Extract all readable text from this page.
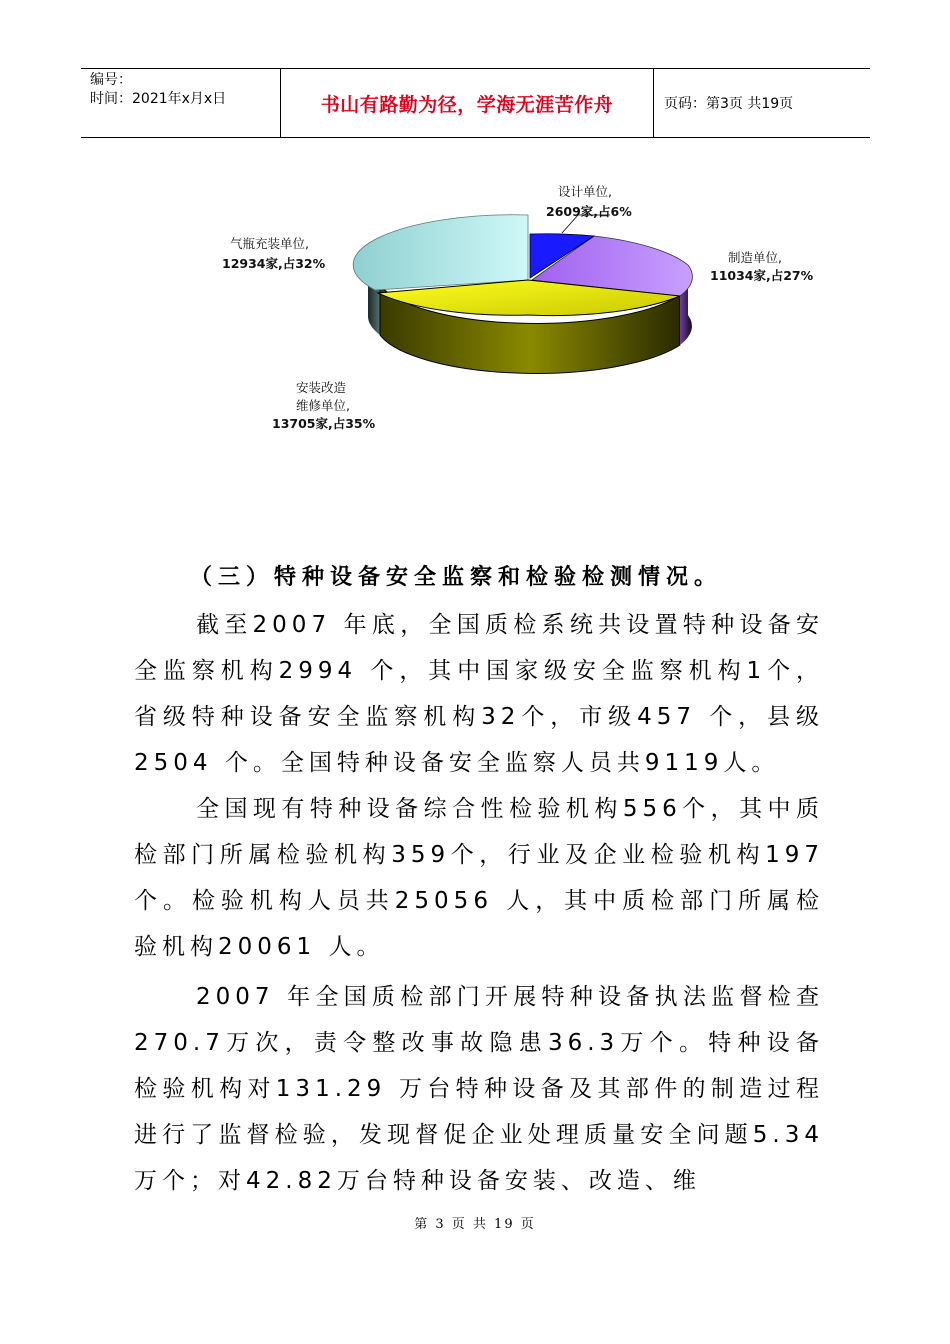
编号：
时间：2021年x月x日	书山有路勤为径，学海无涯苦作舟	页码：第3页 共19页
设计单位,
2609家,占6%
制造单位,
11034家,占27%
安装改造
维修单位,
13705家,占35%
气瓶充装单位,
12934家,占32%
（三）特种设备安全监察和检验检测情况。
截至2007 年底，全国质检系统共设置特种设备安全监察机构2994 个，其中国家级安全监察机构1个，省级特种设备安全监察机构32个，市级457 个，县级2504 个。全国特种设备安全监察人员共9119人。
全国现有特种设备综合性检验机构556个，其中质检部门所属检验机构359个，行业及企业检验机构197个。检验机构人员共25056 人，其中质检部门所属检验机构20061 人。
2007 年全国质检部门开展特种设备执法监督检查270.7万次，责令整改事故隐患36.3万个。特种设备检验机构对131.29 万台特种设备及其部件的制造过程进行了监督检验，发现督促企业处理质量安全问题5.34 万个；对42.82万台特种设备安装、改造、维
第 3 页 共 19 页
